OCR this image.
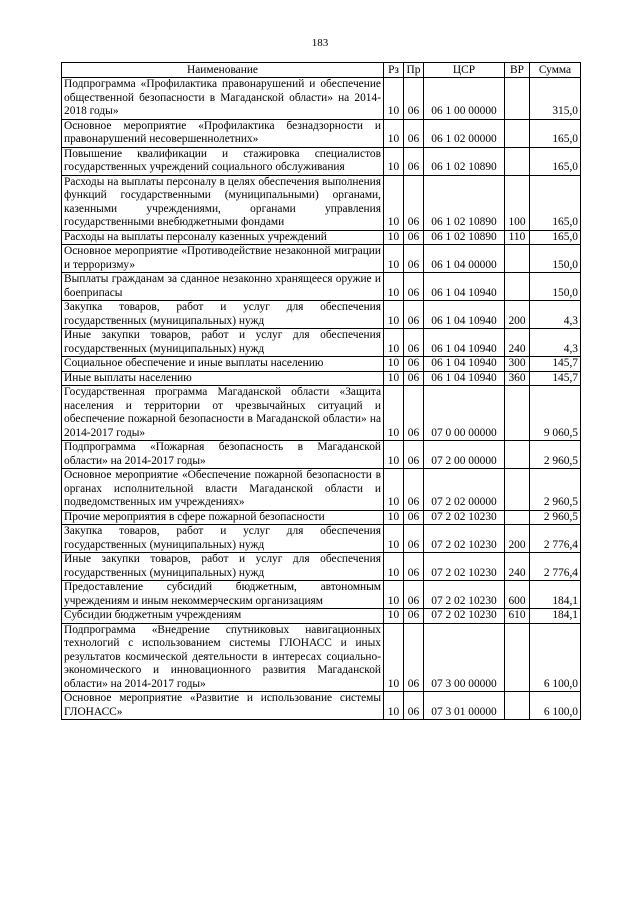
183
Наименование	Рз	Пр	ЦСР	ВР	Сумма
Подпрограмма «Профилактика правонарушений и обеспечение общественной безопасности в Магаданской области» на 2014-2018 годы»	10	06	06 1 00 00000		315,0
Основное мероприятие «Профилактика безнадзорности и правонарушений несовершеннолетних»	10	06	06 1 02 00000		165,0
Повышение квалификации и стажировка специалистов государственных учреждений социального обслуживания	10	06	06 1 02 10890		165,0
Расходы на выплаты персоналу в целях обеспечения выполнения функций государственными (муниципальными) органами, казенными учреждениями, органами управления государственными внебюджетными фондами	10	06	06 1 02 10890	100	165,0
Расходы на выплаты персоналу казенных учреждений	10	06	06 1 02 10890	110	165,0
Основное мероприятие «Противодействие незаконной миграции и терроризму»	10	06	06 1 04 00000		150,0
Выплаты гражданам за сданное незаконно хранящееся оружие и боеприпасы	10	06	06 1 04 10940		150,0
Закупка товаров, работ и услуг для обеспечения государственных (муниципальных) нужд	10	06	06 1 04 10940	200	4,3
Иные закупки товаров, работ и услуг для обеспечения государственных (муниципальных) нужд	10	06	06 1 04 10940	240	4,3
Социальное обеспечение и иные выплаты населению	10	06	06 1 04 10940	300	145,7
Иные выплаты населению	10	06	06 1 04 10940	360	145,7
Государственная программа Магаданской области «Защита населения и территории от чрезвычайных ситуаций и обеспечение пожарной безопасности в Магаданской области» на 2014-2017 годы»	10	06	07 0 00 00000		9 060,5
Подпрограмма «Пожарная безопасность в Магаданской области» на 2014-2017 годы»	10	06	07 2 00 00000		2 960,5
Основное мероприятие «Обеспечение пожарной безопасности в органах исполнительной власти Магаданской области и подведомственных им учреждениях»	10	06	07 2 02 00000		2 960,5
Прочие мероприятия в сфере пожарной безопасности	10	06	07 2 02 10230		2 960,5
Закупка товаров, работ и услуг для обеспечения государственных (муниципальных) нужд	10	06	07 2 02 10230	200	2 776,4
Иные закупки товаров, работ и услуг для обеспечения государственных (муниципальных) нужд	10	06	07 2 02 10230	240	2 776,4
Предоставление субсидий бюджетным, автономным учреждениям и иным некоммерческим организациям	10	06	07 2 02 10230	600	184,1
Субсидии бюджетным учреждениям	10	06	07 2 02 10230	610	184,1
Подпрограмма «Внедрение спутниковых навигационных технологий с использованием системы ГЛОНАСС и иных результатов космической деятельности в интересах социально-экономического и инновационного развития Магаданской области» на 2014-2017 годы»	10	06	07 3 00 00000		6 100,0
Основное мероприятие «Развитие и использование системы ГЛОНАСС»	10	06	07 3 01 00000		6 100,0
